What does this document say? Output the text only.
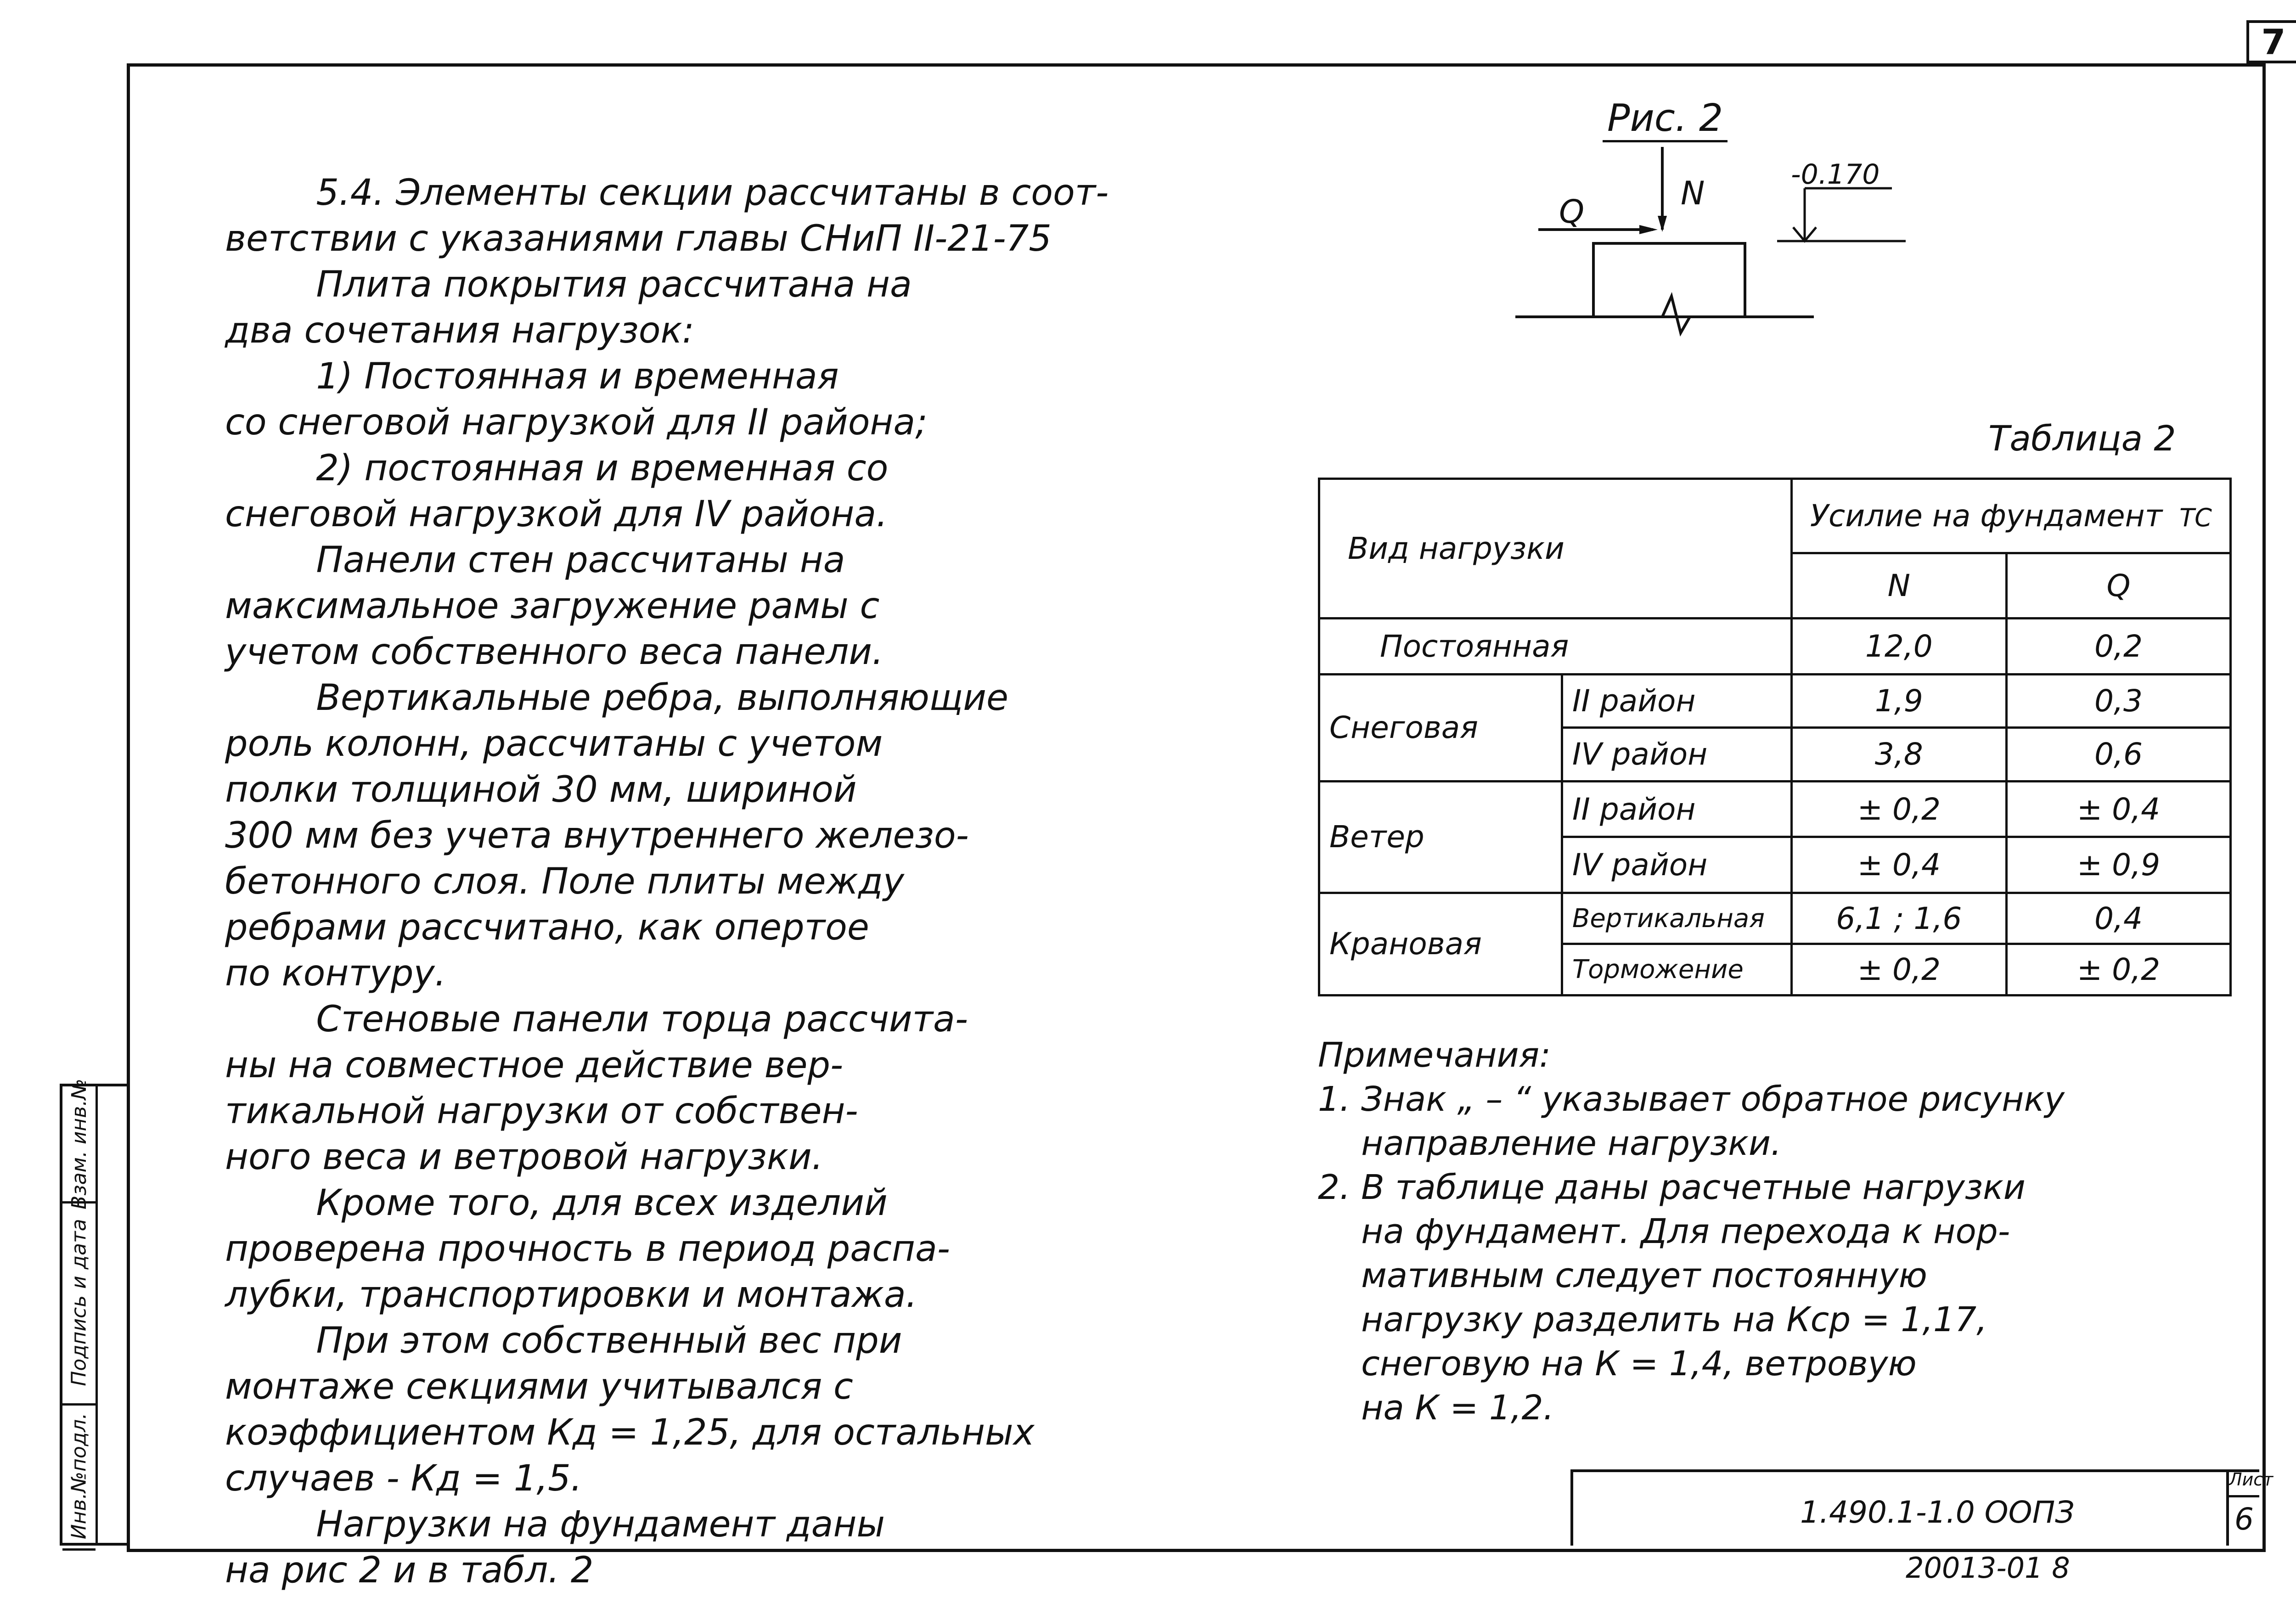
7
Инв.№подл.
Подпись и дата
Взам. инв.№

5.4. Элементы секции рассчитаны в соот-

ветствии с указаниями главы СНиП II-21-75

Плита покрытия рассчитана на

два сочетания нагрузок:

1) Постоянная и временная

со снеговой нагрузкой для II района;

2) постоянная и временная со

снеговой нагрузкой для IV района.

Панели стен рассчитаны на

максимальное загружение рамы с

учетом собственного веса панели.

Вертикальные ребра, выполняющие

роль колонн, рассчитаны с учетом

полки толщиной 30 мм, шириной

300 мм без учета внутреннего железо-

бетонного слоя. Поле плиты между

ребрами рассчитано, как опертое

по контуру.

Стеновые панели торца рассчита-

ны на совместное действие вер-

тикальной нагрузки от собствен-

ного веса и ветровой нагрузки.

Кроме того, для всех изделий

проверена прочность в период распа-

лубки, транспортировки и монтажа.

При этом собственный вес при

монтаже секциями учитывался с

коэффициентом Кд = 1,25, для остальных

случаев - Кд = 1,5.

Нагрузки на фундамент даны

на рис 2 и в табл. 2

Рис. 2
N
Q
-0.170
Таблица 2
Вид нагрузки		Усилие на фундамент ТС	
		N	Q
Постоянная		12,0	0,2
Снеговая	II район	1,9	0,3
	IV район	3,8	0,6
Ветер	II район	± 0,2	± 0,4
	IV район	± 0,4	± 0,9
Крановая	Вертикальная	6,1 ; 1,6	0,4
	Торможение	± 0,2	± 0,2

Примечания:

1. Знак „ – “ указывает обратное рисунку

направление нагрузки.

2. В таблице даны расчетные нагрузки

на фундамент. Для перехода к нор-

мативным следует постоянную

нагрузку разделить на Кср = 1,17,

снеговую на К = 1,4, ветровую

на К = 1,2.

1.490.1-1.0 ООПЗ
Лист
6
20013-01 8
